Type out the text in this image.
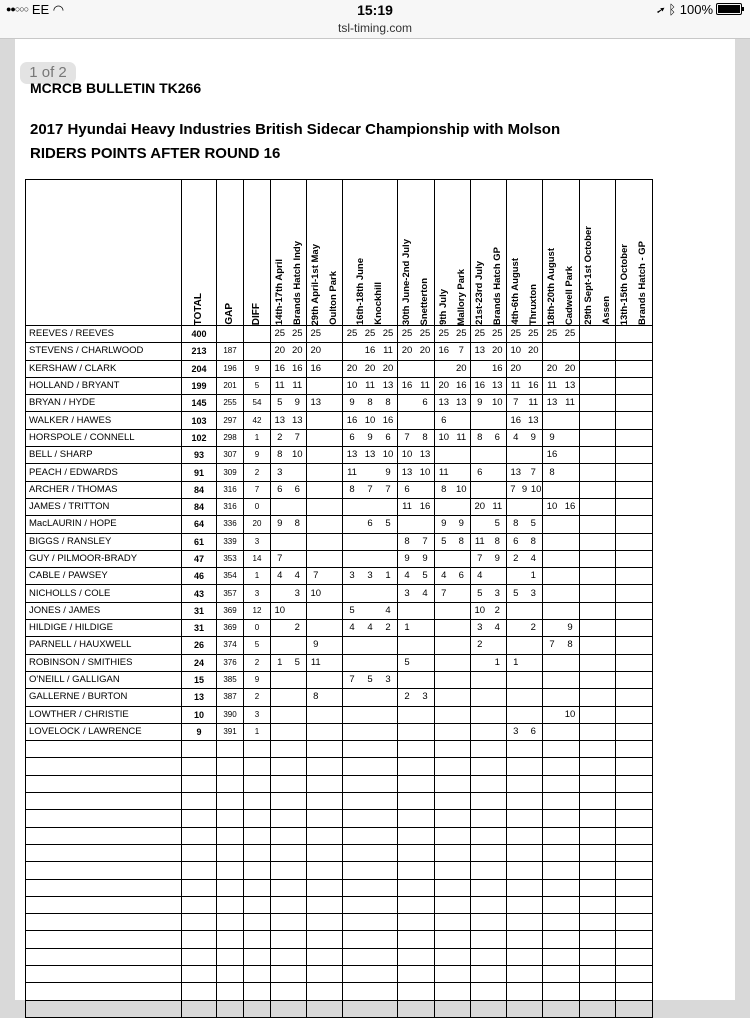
●●○○○ EE ◠	15:19	➚ ᛒ 100%
tsl-timing.com
1 of 2
MCRCB BULLETIN TK266
2017 Hyundai Heavy Industries British Sidecar Championship with Molson
RIDERS POINTS AFTER ROUND 16

	TOTAL	GAP	DIFF	14th-17th April Brands Hatch Indy	29th April-1st May Oulton Park	16th-18th June Knockhill	30th June-2nd July Snetterton	9th July Mallory Park	21st-23rd July Brands Hatch GP	4th-6th August Thruxton	18th-20th August Cadwell Park	29th Sept-1st October Assen	13th-15th October Brands Hatch - GP

REEVES / REEVES	400			25 25	25	25 25 25	25 25	25 25	25 25	25 25	25 25		

STEVENS / CHARLWOOD	213	187		20 20	20	16 11	20 20	16 7	13 20	10 20			

KERSHAW / CLARK	204	196	9	16 16	16	20 20 20		20	16	20	20 20		

HOLLAND / BRYANT	199	201	5	11 11		10 11 13	16 11	20 16	16 13	11 16	11 13		

BRYAN / HYDE	145	255	54	5 9	13	9 8 8	6	13 13	9 10	7 11	13 11		

WALKER / HAWES	103	297	42	13 13		16 10 16		6		16 13			

HORSPOLE / CONNELL	102	298	1	2 7		6 9 6	7 8	10 11	8 6	4 9	9		

BELL / SHARP	93	307	9	8 10		13 13 10	10 13				16		

PEACH / EDWARDS	91	309	2	3		11 9	13 10	11	6	13 7	8		

ARCHER / THOMAS	84	316	7	6 6		8 7 7	6	8 10		7 9 10			

JAMES / TRITTON	84	316	0				11 16		20 11		10 16		

MacLAURIN / HOPE	64	336	20	9 8		6 5		9 9	5	8 5			

BIGGS / RANSLEY	61	339	3				8 7	5 8	11 8	6 8			

GUY / PILMOOR-BRADY	47	353	14	7			9 9		7 9	2 4			

CABLE / PAWSEY	46	354	1	4 4	7	3 3 1	4 5	4 6	4	1			

NICHOLLS / COLE	43	357	3	3	10		3 4	7	5 3	5 3			

JONES / JAMES	31	369	12	10		5 4			10 2				

HILDIGE / HILDIGE	31	369	0	2		4 4 2	1		3 4	2	9		

PARNELL / HAUXWELL	26	374	5		9				2		7 8		

ROBINSON / SMITHIES	24	376	2	1 5	11		5		1	1			

O'NEILL / GALLIGAN	15	385	9			7 5 3							

GALLERNE / BURTON	13	387	2		8		2 3						

LOWTHER / CHRISTIE	10	390	3								10		

LOVELOCK / LAWRENCE	9	391	1							3 6			
